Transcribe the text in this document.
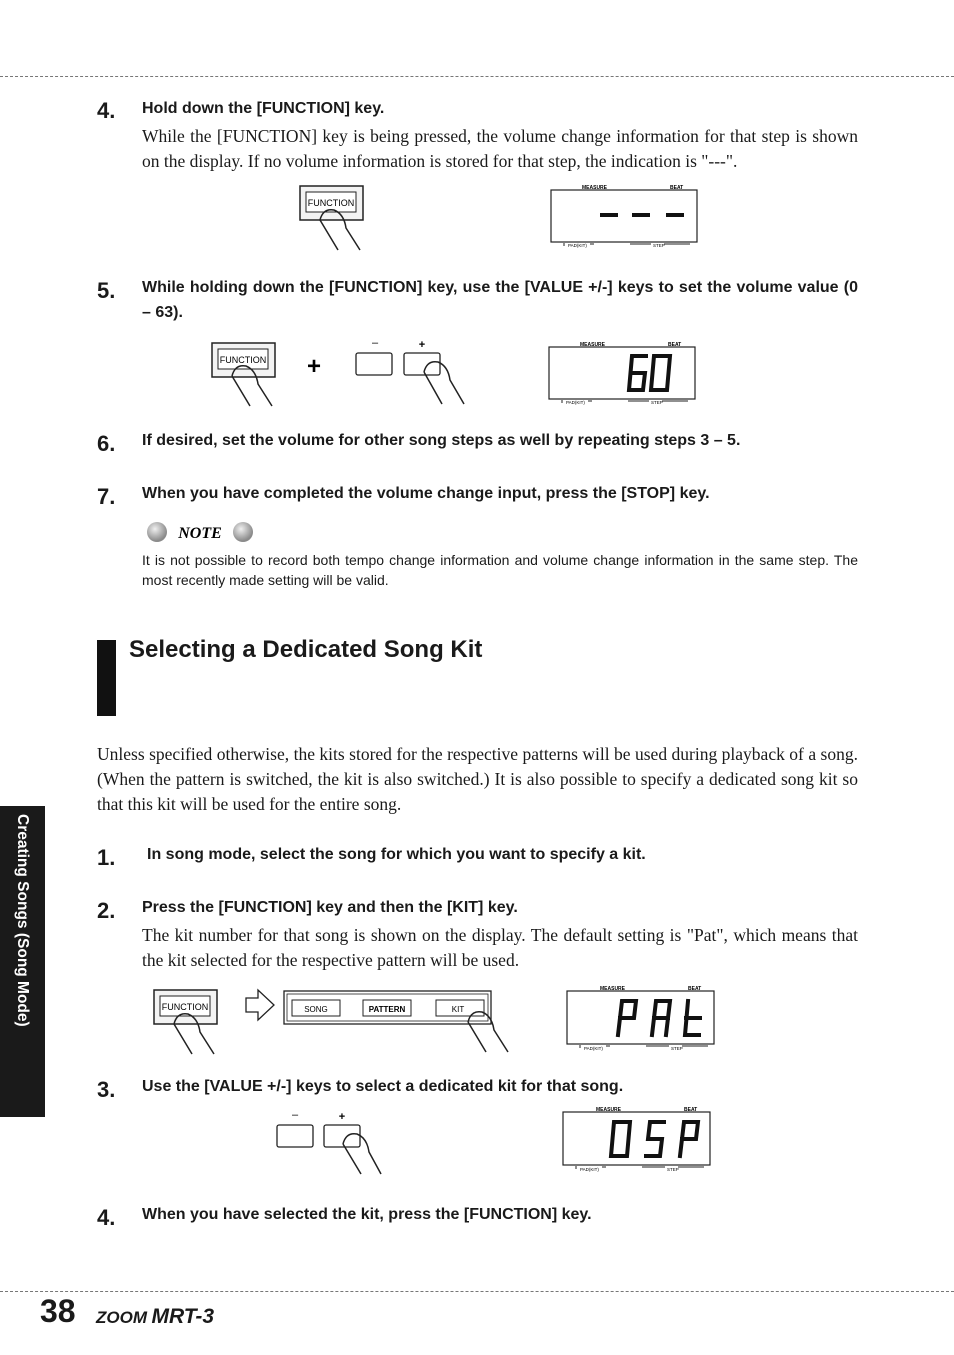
4. Hold down the [FUNCTION] key.
While the [FUNCTION] key is being pressed, the volume change information for that step is shown on the display. If no volume information is stored for that step, the indication is "---".
FUNCTION
MEASURE	BEAT
PAD(KIT)	STEP
5. While holding down the [FUNCTION] key, use the [VALUE +/-] keys to set the volume value (0 – 63).
FUNCTION +
–	+	MEASURE	BEAT
PAD(KIT)	STEP
6. If desired, set the volume for other song steps as well by repeating steps 3 – 5.
7. When you have completed the volume change input, press the [STOP] key.
NOTE
It is not possible to record both tempo change information and volume change information in the same step. The most recently made setting will be valid.
Selecting a Dedicated Song Kit
Unless specified otherwise, the kits stored for the respective patterns will be used during playback of a song. (When the pattern is switched, the kit is also switched.) It is also possible to specify a dedicated song kit so that this kit will be used for the entire song.
1. In song mode, select the song for which you want to specify a kit.
2. Press the [FUNCTION] key and then the [KIT] key.
The kit number for that song is shown on the display. The default setting is "Pat", which means that the kit selected for the respective pattern will be used.
FUNCTION	SONG	PATTERN	KIT
MEASURE	BEAT
PAD(KIT)	STEP
3. Use the [VALUE +/-] keys to select a dedicated kit for that song.
–	+
MEASURE	BEAT
PAD(KIT)	STEP
4. When you have selected the kit, press the [FUNCTION] key.
Creating Songs (Song Mode)
38 ZOOM MRT-3
